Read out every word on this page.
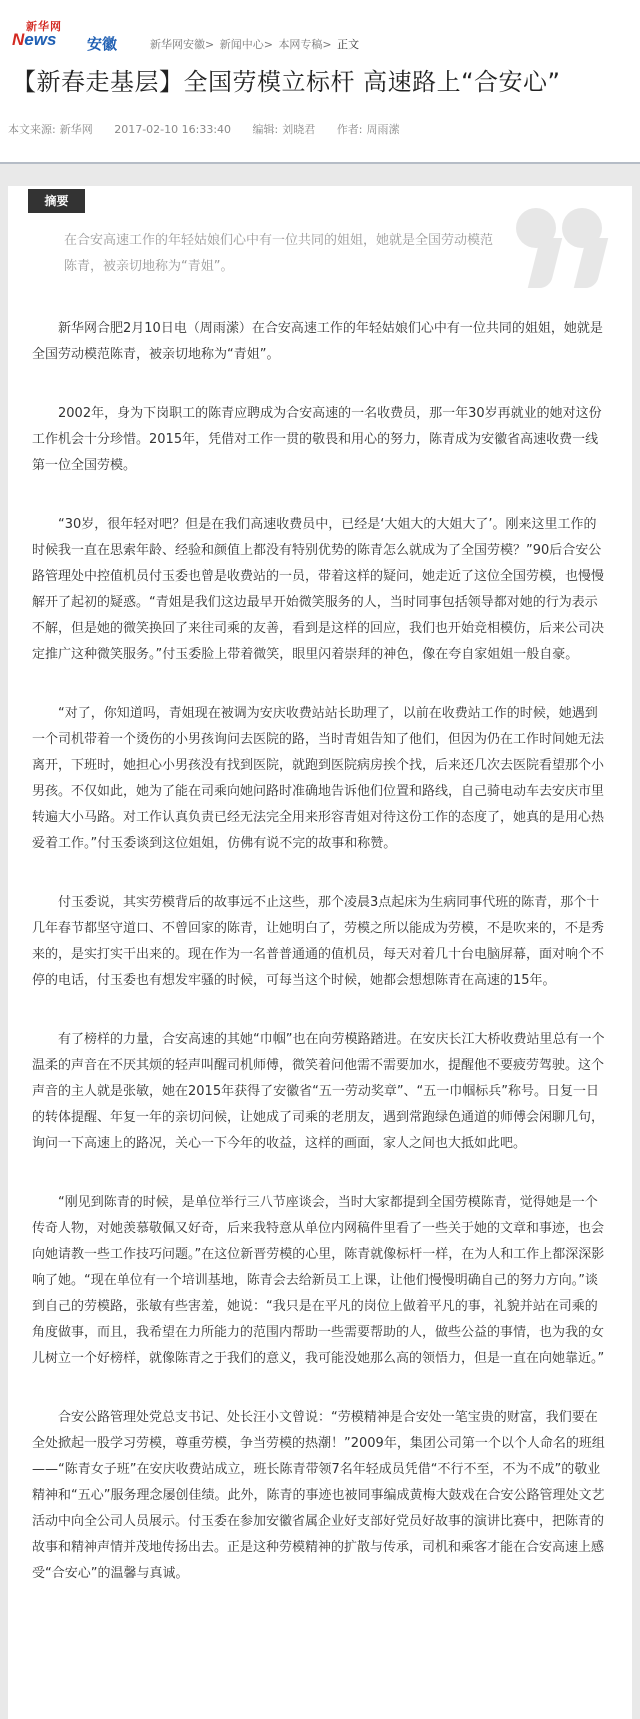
新华网
News 安徽	新华网安徽> 新闻中心> 本网专稿> 正文
【新春走基层】全国劳模立标杆 高速路上“合安心”
本文来源: 新华网 2017-02-10 16:33:40 编辑: 刘晓君 作者: 周雨潆
摘要
在合安高速工作的年轻姑娘们心中有一位共同的姐姐，她就是全国劳动模范陈青，被亲切地称为“青姐”。

新华网合肥2月10日电（周雨潆）在合安高速工作的年轻姑娘们心中有一位共同的姐姐，她就是全国劳动模范陈青，被亲切地称为“青姐”。

2002年，身为下岗职工的陈青应聘成为合安高速的一名收费员，那一年30岁再就业的她对这份工作机会十分珍惜。2015年，凭借对工作一贯的敬畏和用心的努力，陈青成为安徽省高速收费一线第一位全国劳模。

“30岁，很年轻对吧？但是在我们高速收费员中，已经是‘大姐大的大姐大了’。刚来这里工作的时候我一直在思索年龄、经验和颜值上都没有特别优势的陈青怎么就成为了全国劳模？”90后合安公路管理处中控值机员付玉委也曾是收费站的一员，带着这样的疑问，她走近了这位全国劳模，也慢慢解开了起初的疑惑。“青姐是我们这边最早开始微笑服务的人，当时同事包括领导都对她的行为表示不解，但是她的微笑换回了来往司乘的友善，看到是这样的回应，我们也开始竞相模仿，后来公司决定推广这种微笑服务。”付玉委脸上带着微笑，眼里闪着崇拜的神色，像在夸自家姐姐一般自豪。

“对了，你知道吗，青姐现在被调为安庆收费站站长助理了，以前在收费站工作的时候，她遇到一个司机带着一个烫伤的小男孩询问去医院的路，当时青姐告知了他们，但因为仍在工作时间她无法离开，下班时，她担心小男孩没有找到医院，就跑到医院病房挨个找，后来还几次去医院看望那个小男孩。不仅如此，她为了能在司乘向她问路时准确地告诉他们位置和路线，自己骑电动车去安庆市里转遍大小马路。对工作认真负责已经无法完全用来形容青姐对待这份工作的态度了，她真的是用心热爱着工作。”付玉委谈到这位姐姐，仿佛有说不完的故事和称赞。

付玉委说，其实劳模背后的故事远不止这些，那个凌晨3点起床为生病同事代班的陈青，那个十几年春节都坚守道口、不曾回家的陈青，让她明白了，劳模之所以能成为劳模，不是吹来的，不是秀来的，是实打实干出来的。现在作为一名普普通通的值机员，每天对着几十台电脑屏幕，面对响个不停的电话，付玉委也有想发牢骚的时候，可每当这个时候，她都会想想陈青在高速的15年。

有了榜样的力量，合安高速的其她“巾帼”也在向劳模路踏进。在安庆长江大桥收费站里总有一个温柔的声音在不厌其烦的轻声叫醒司机师傅，微笑着问他需不需要加水，提醒他不要疲劳驾驶。这个声音的主人就是张敏，她在2015年获得了安徽省“五一劳动奖章”、“五一巾帼标兵”称号。日复一日的转体提醒、年复一年的亲切问候，让她成了司乘的老朋友，遇到常跑绿色通道的师傅会闲聊几句，询问一下高速上的路况，关心一下今年的收益，这样的画面，家人之间也大抵如此吧。

“刚见到陈青的时候，是单位举行三八节座谈会，当时大家都提到全国劳模陈青，觉得她是一个传奇人物，对她羡慕敬佩又好奇，后来我特意从单位内网稿件里看了一些关于她的文章和事迹，也会向她请教一些工作技巧问题。”在这位新晋劳模的心里，陈青就像标杆一样，在为人和工作上都深深影响了她。“现在单位有一个培训基地，陈青会去给新员工上课，让他们慢慢明确自己的努力方向。”谈到自己的劳模路，张敏有些害羞，她说：“我只是在平凡的岗位上做着平凡的事，礼貌并站在司乘的角度做事，而且，我希望在力所能力的范围内帮助一些需要帮助的人，做些公益的事情，也为我的女儿树立一个好榜样，就像陈青之于我们的意义，我可能没她那么高的领悟力，但是一直在向她靠近。”

合安公路管理处党总支书记、处长汪小文曾说：“劳模精神是合安处一笔宝贵的财富，我们要在全处掀起一股学习劳模，尊重劳模，争当劳模的热潮！”2009年，集团公司第一个以个人命名的班组——“陈青女子班”在安庆收费站成立，班长陈青带领7名年轻成员凭借“不行不至，不为不成”的敬业精神和“五心”服务理念屡创佳绩。此外，陈青的事迹也被同事编成黄梅大鼓戏在合安公路管理处文艺活动中向全公司人员展示。付玉委在参加安徽省属企业好支部好党员好故事的演讲比赛中，把陈青的故事和精神声情并茂地传扬出去。正是这种劳模精神的扩散与传承，司机和乘客才能在合安高速上感受“合安心”的温馨与真诚。
